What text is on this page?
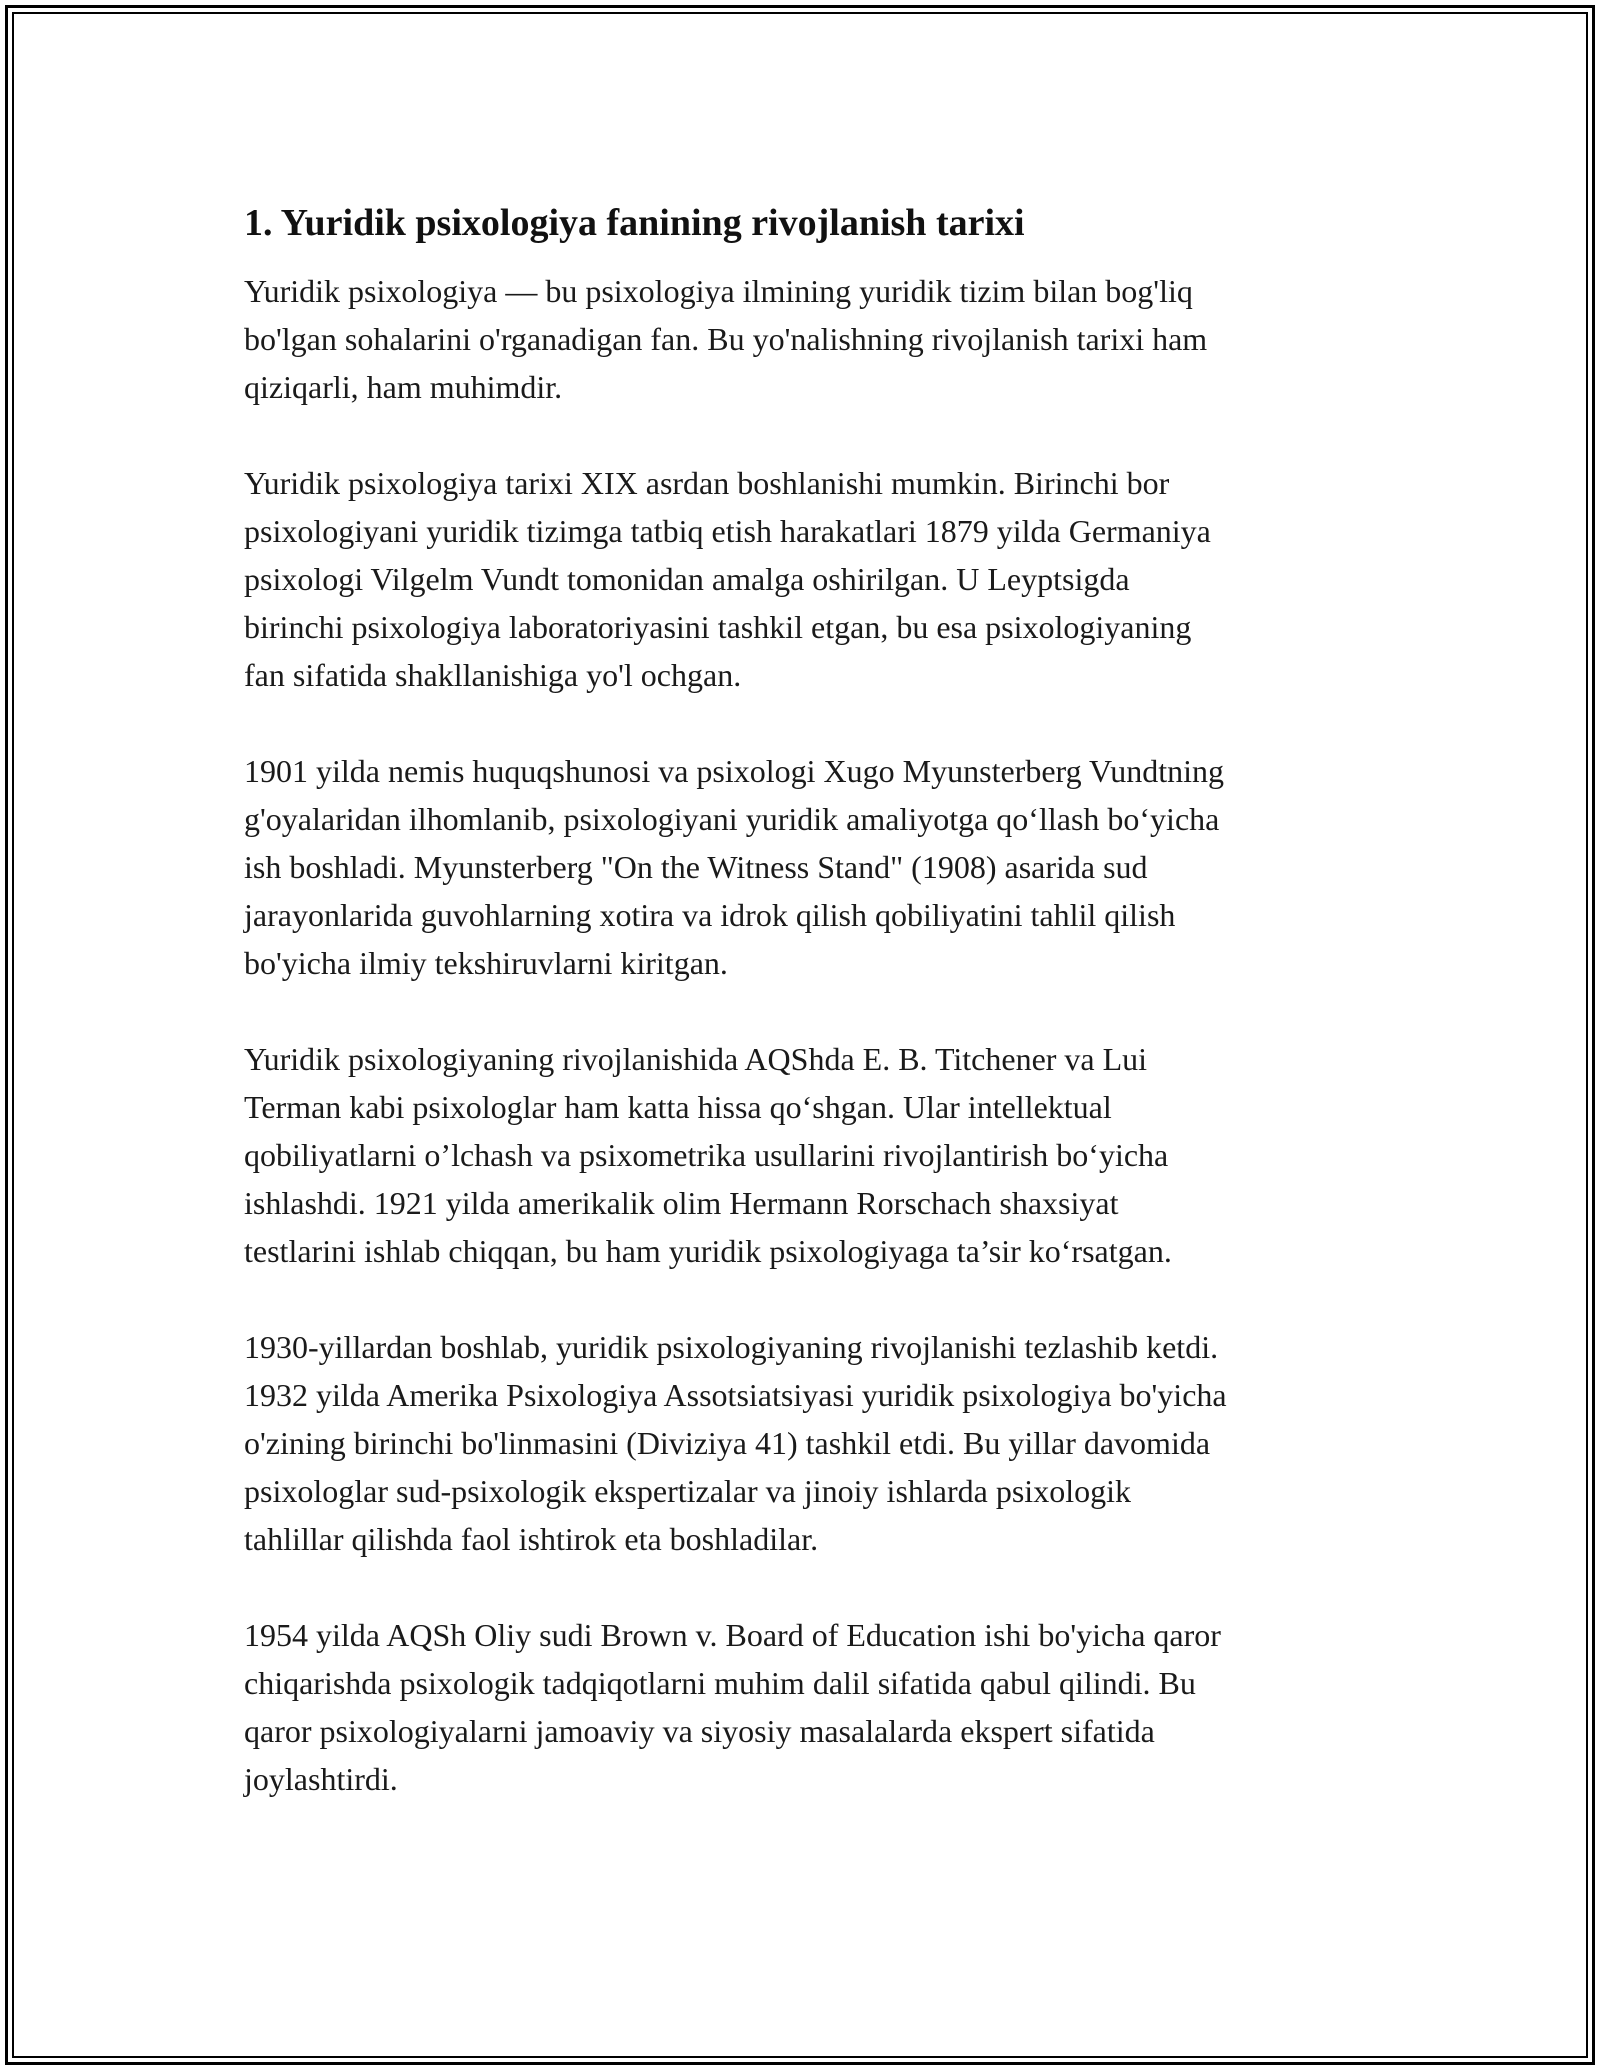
1. Yuridik psixologiya fanining rivojlanish tarixi

Yuridik psixologiya — bu psixologiya ilmining yuridik tizim bilan bog'liq
bo'lgan sohalarini o'rganadigan fan. Bu yo'nalishning rivojlanish tarixi ham
qiziqarli, ham muhimdir.

Yuridik psixologiya tarixi XIX asrdan boshlanishi mumkin. Birinchi bor
psixologiyani yuridik tizimga tatbiq etish harakatlari 1879 yilda Germaniya
psixologi Vilgelm Vundt tomonidan amalga oshirilgan. U Leyptsigda
birinchi psixologiya laboratoriyasini tashkil etgan, bu esa psixologiyaning
fan sifatida shakllanishiga yo'l ochgan.

1901 yilda nemis huquqshunosi va psixologi Xugo Myunsterberg Vundtning
g'oyalaridan ilhomlanib, psixologiyani yuridik amaliyotga qo‘llash bo‘yicha
ish boshladi. Myunsterberg "On the Witness Stand" (1908) asarida sud
jarayonlarida guvohlarning xotira va idrok qilish qobiliyatini tahlil qilish
bo'yicha ilmiy tekshiruvlarni kiritgan.

Yuridik psixologiyaning rivojlanishida AQShda E. B. Titchener va Lui
Terman kabi psixologlar ham katta hissa qo‘shgan. Ular intellektual
qobiliyatlarni o’lchash va psixometrika usullarini rivojlantirish bo‘yicha
ishlashdi. 1921 yilda amerikalik olim Hermann Rorschach shaxsiyat
testlarini ishlab chiqqan, bu ham yuridik psixologiyaga ta’sir ko‘rsatgan.

1930-yillardan boshlab, yuridik psixologiyaning rivojlanishi tezlashib ketdi.
1932 yilda Amerika Psixologiya Assotsiatsiyasi yuridik psixologiya bo'yicha
o'zining birinchi bo'linmasini (Diviziya 41) tashkil etdi. Bu yillar davomida
psixologlar sud-psixologik ekspertizalar va jinoiy ishlarda psixologik
tahlillar qilishda faol ishtirok eta boshladilar.

1954 yilda AQSh Oliy sudi Brown v. Board of Education ishi bo'yicha qaror
chiqarishda psixologik tadqiqotlarni muhim dalil sifatida qabul qilindi. Bu
qaror psixologiyalarni jamoaviy va siyosiy masalalarda ekspert sifatida
joylashtirdi.
